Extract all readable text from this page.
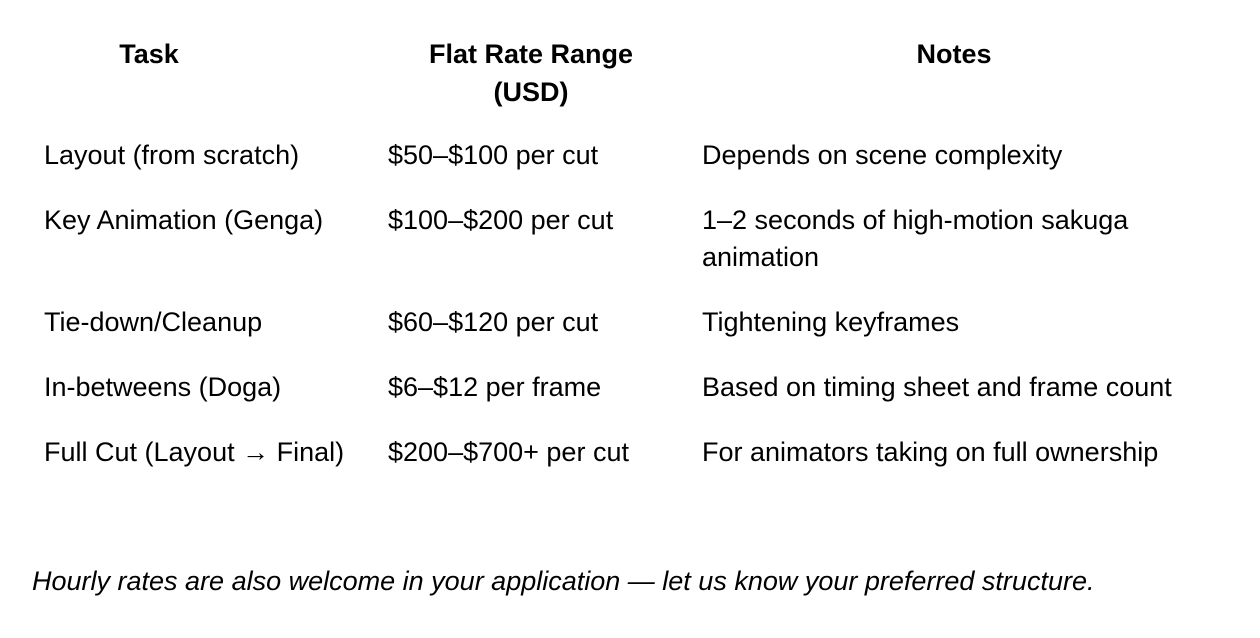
Task	Flat Rate Range (USD)	Notes
Layout (from scratch)	$50–$100 per cut	Depends on scene complexity
Key Animation (Genga)	$100–$200 per cut	1–2 seconds of high-motion sakuga animation
Tie-down/Cleanup	$60–$120 per cut	Tightening keyframes
In-betweens (Doga)	$6–$12 per frame	Based on timing sheet and frame count
Full Cut (Layout → Final)	$200–$700+ per cut	For animators taking on full ownership

Hourly rates are also welcome in your application — let us know your preferred structure.
